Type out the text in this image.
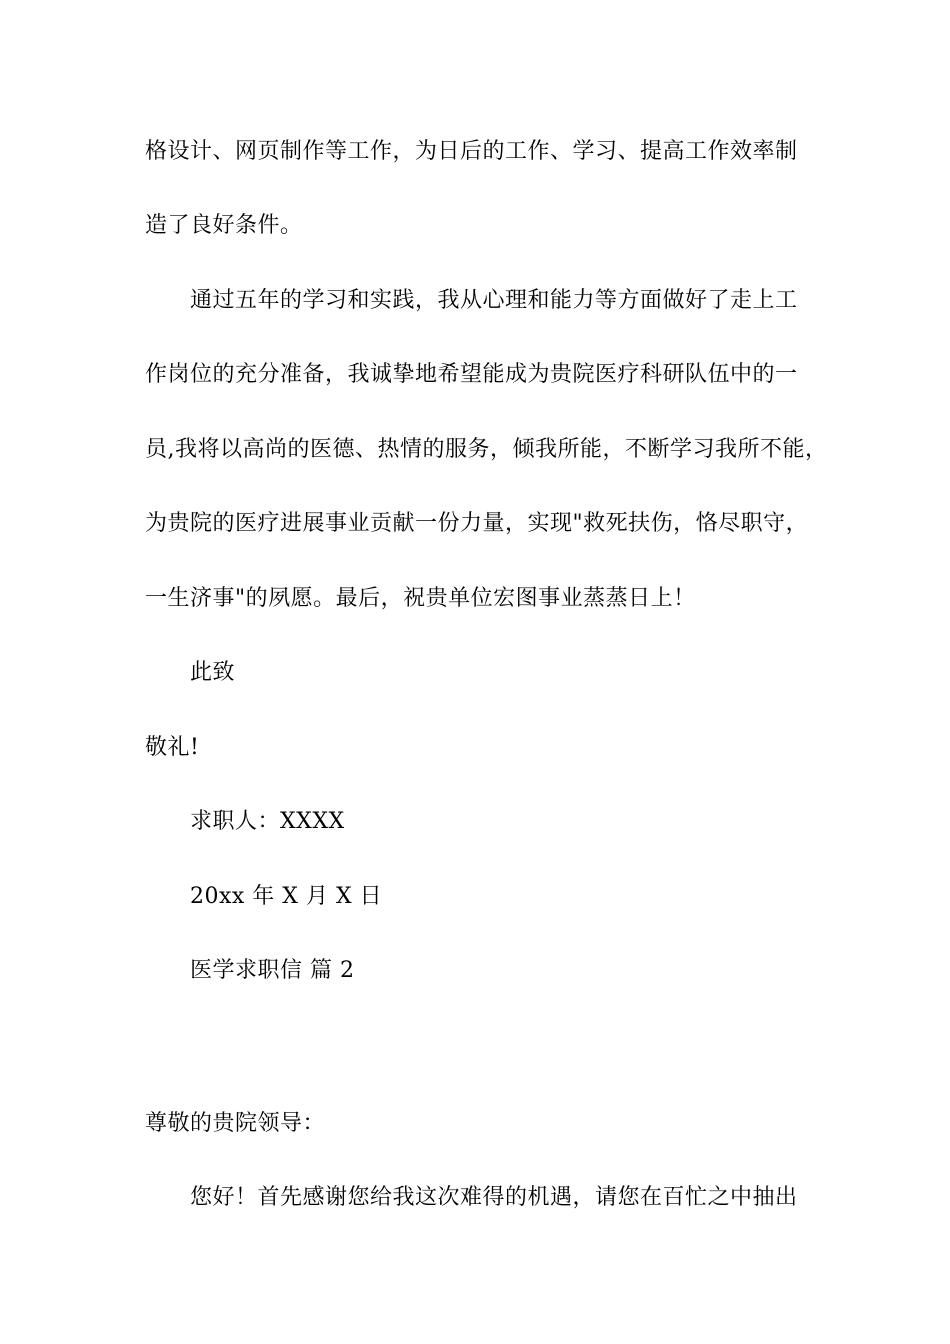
格设计、网页制作等工作，为日后的工作、学习、提高工作效率制
造了良好条件。
通过五年的学习和实践，我从心理和能力等方面做好了走上工
作岗位的充分准备，我诚挚地希望能成为贵院医疗科研队伍中的一
员,我将以高尚的医德、热情的服务，倾我所能，不断学习我所不能，
为贵院的医疗进展事业贡献一份力量，实现"救死扶伤，恪尽职守，
一生济事"的夙愿。最后，祝贵单位宏图事业蒸蒸日上！
此致
敬礼!
求职人：XXXX
20xx 年 X 月 X 日
医学求职信 篇 2
尊敬的贵院领导：
您好！首先感谢您给我这次难得的机遇，请您在百忙之中抽出
